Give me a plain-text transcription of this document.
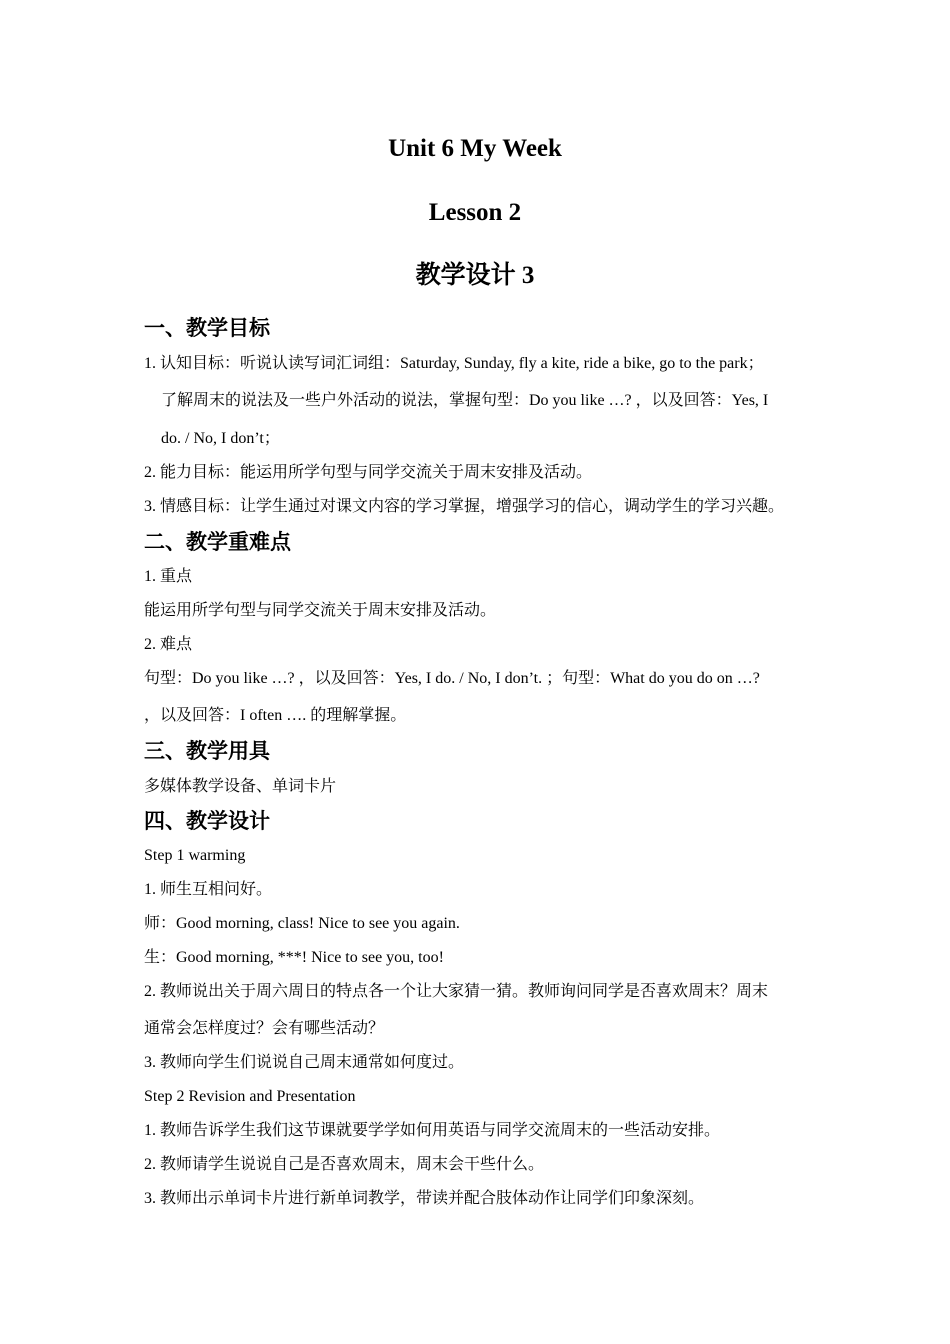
Unit 6 My Week
Lesson 2
教学设计 3
一、教学目标
1. 认知目标：听说认读写词汇词组：Saturday, Sunday, fly a kite, ride a bike, go to the park；
了解周末的说法及一些户外活动的说法，掌握句型：Do you like …? ，以及回答：Yes, I
do. / No, I don’t；
2. 能力目标：能运用所学句型与同学交流关于周末安排及活动。
3. 情感目标：让学生通过对课文内容的学习掌握，增强学习的信心，调动学生的学习兴趣。
二、教学重难点
1. 重点
能运用所学句型与同学交流关于周末安排及活动。
2. 难点
句型：Do you like …? ，以及回答：Yes, I do. / No, I don’t. ；句型：What do you do on …?
，以及回答：I often …. 的理解掌握。
三、教学用具
多媒体教学设备、单词卡片
四、教学设计
Step 1 warming
1. 师生互相问好。
师：Good morning, class! Nice to see you again.
生：Good morning, ***! Nice to see you, too!
2. 教师说出关于周六周日的特点各一个让大家猜一猜。教师询问同学是否喜欢周末？周末
通常会怎样度过？会有哪些活动？
3. 教师向学生们说说自己周末通常如何度过。
Step 2 Revision and Presentation
1. 教师告诉学生我们这节课就要学学如何用英语与同学交流周末的一些活动安排。
2. 教师请学生说说自己是否喜欢周末，周末会干些什么。
3. 教师出示单词卡片进行新单词教学，带读并配合肢体动作让同学们印象深刻。
